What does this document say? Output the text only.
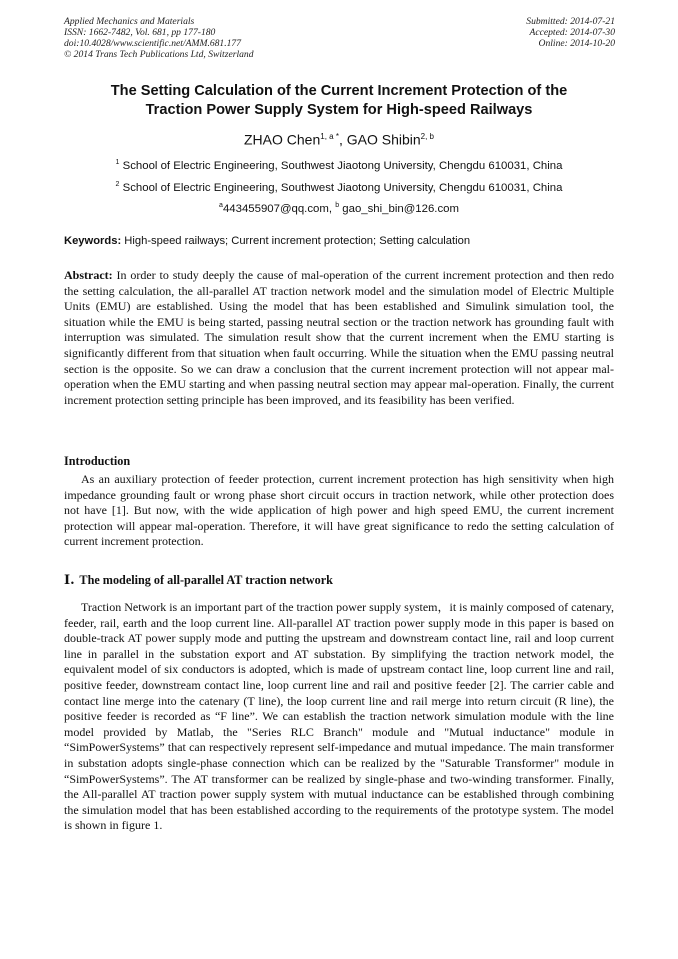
Applied Mechanics and Materials
ISSN: 1662-7482, Vol. 681, pp 177-180
doi:10.4028/www.scientific.net/AMM.681.177
© 2014 Trans Tech Publications Ltd, Switzerland
Submitted: 2014-07-21
Accepted: 2014-07-30
Online: 2014-10-20
The Setting Calculation of the Current Increment Protection of the
Traction Power Supply System for High-speed Railways
ZHAO Chen$^{1, a *}$, GAO Shibin$^{2, b}$
$^1$ School of Electric Engineering, Southwest Jiaotong University, Chengdu 610031, China
$^2$ School of Electric Engineering, Southwest Jiaotong University, Chengdu 610031, China
$^a$443455907@qq.com, $^b$ gao_shi_bin@126.com
Keywords: High-speed railways; Current increment protection; Setting calculation
Abstract: In order to study deeply the cause of mal-operation of the current increment protection and then redo the setting calculation, the all-parallel AT traction network model and the simulation model of Electric Multiple Units (EMU) are established. Using the model that has been established and Simulink simulation tool, the situation while the EMU is being started, passing neutral section or the traction network has grounding fault with interruption was simulated. The simulation result show that the current increment when the EMU starting is significantly different from that situation when fault occurring. While the situation when the EMU passing neutral section is the opposite. So we can draw a conclusion that the current increment protection will not appear mal-operation when the EMU starting and when passing neutral section may appear mal-operation. Finally, the current increment protection setting principle has been improved, and its feasibility has been verified.
Introduction
As an auxiliary protection of feeder protection, current increment protection has high sensitivity when high impedance grounding fault or wrong phase short circuit occurs in traction network, while other protection does not have [1]. But now, with the wide application of high power and high speed EMU, the current increment protection will appear mal-operation. Therefore, it will have great significance to redo the setting calculation of current increment protection.
Ⅰ. The modeling of all-parallel AT traction network
Traction Network is an important part of the traction power supply system，it is mainly composed of catenary, feeder, rail, earth and the loop current line. All-parallel AT traction power supply mode in this paper is based on double-track AT power supply mode and putting the upstream and downstream contact line, rail and loop current line in parallel in the substation export and AT substation. By simplifying the traction network model, the equivalent model of six conductors is adopted, which is made of upstream contact line, loop current line and rail, positive feeder, downstream contact line, loop current line and rail and positive feeder [2]. The carrier cable and contact line merge into the catenary (T line), the loop current line and rail merge into return circuit (R line), the positive feeder is recorded as “F line”. We can establish the traction network simulation module with the line model provided by Matlab, the "Series RLC Branch" module and "Mutual inductance" module in “SimPowerSystems” that can respectively represent self-impedance and mutual impedance. The main transformer in substation adopts single-phase connection which can be realized by the "Saturable Transformer" module in “SimPowerSystems”. The AT transformer can be realized by single-phase and two-winding transformer. Finally, the All-parallel AT traction power supply system with mutual inductance can be established through combining the simulation model that has been established according to the requirements of the prototype system. The model is shown in figure 1.
